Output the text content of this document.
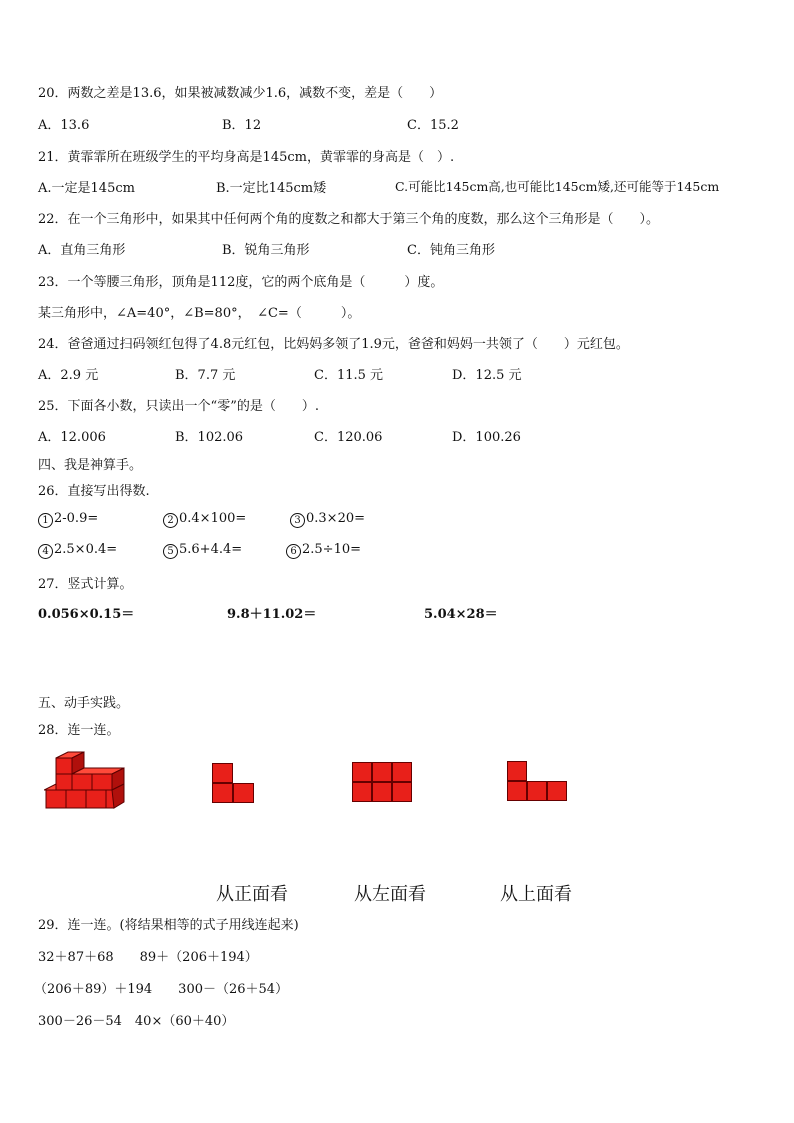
20．两数之差是13.6，如果被减数减少1.6，减数不变，差是（　　）
A．13.6	B．12	C．15.2
21．黄霏霏所在班级学生的平均身高是145cm，黄霏霏的身高是（　）.
A.一定是145cm	B.一定比145cm矮	C.可能比145cm高,也可能比145cm矮,还可能等于145cm
22．在一个三角形中，如果其中任何两个角的度数之和都大于第三个角的度数，那么这个三角形是（　　）。
A．直角三角形	B．锐角三角形	C．钝角三角形
23．一个等腰三角形，顶角是112度，它的两个底角是（　　　）度。
某三角形中，∠A=40°，∠B=80°，　∠C=（　　　）。
24．爸爸通过扫码领红包得了4.8元红包，比妈妈多领了1.9元，爸爸和妈妈一共领了（　　）元红包。
A．2.9 元	B．7.7 元	C．11.5 元	D．12.5 元
25．下面各小数，只读出一个“零”的是（　　）.
A．12.006	B．102.06	C．120.06	D．100.26
四、我是神算手。
26．直接写出得数.
1 2-0.9=	2 0.4×100=	3 0.3×20=
4 2.5×0.4=	5 5.6+4.4=	6 2.5÷10=
27．竖式计算。
0.056×0.15＝	9.8＋11.02＝	5.04×28＝
五、动手实践。
28．连一连。
从正面看	从左面看	从上面看
29．连一连。(将结果相等的式子用线连起来)
32＋87＋68　　89＋（206＋194）
（206＋89）＋194　　300－（26＋54）
300－26－54　40×（60＋40）
